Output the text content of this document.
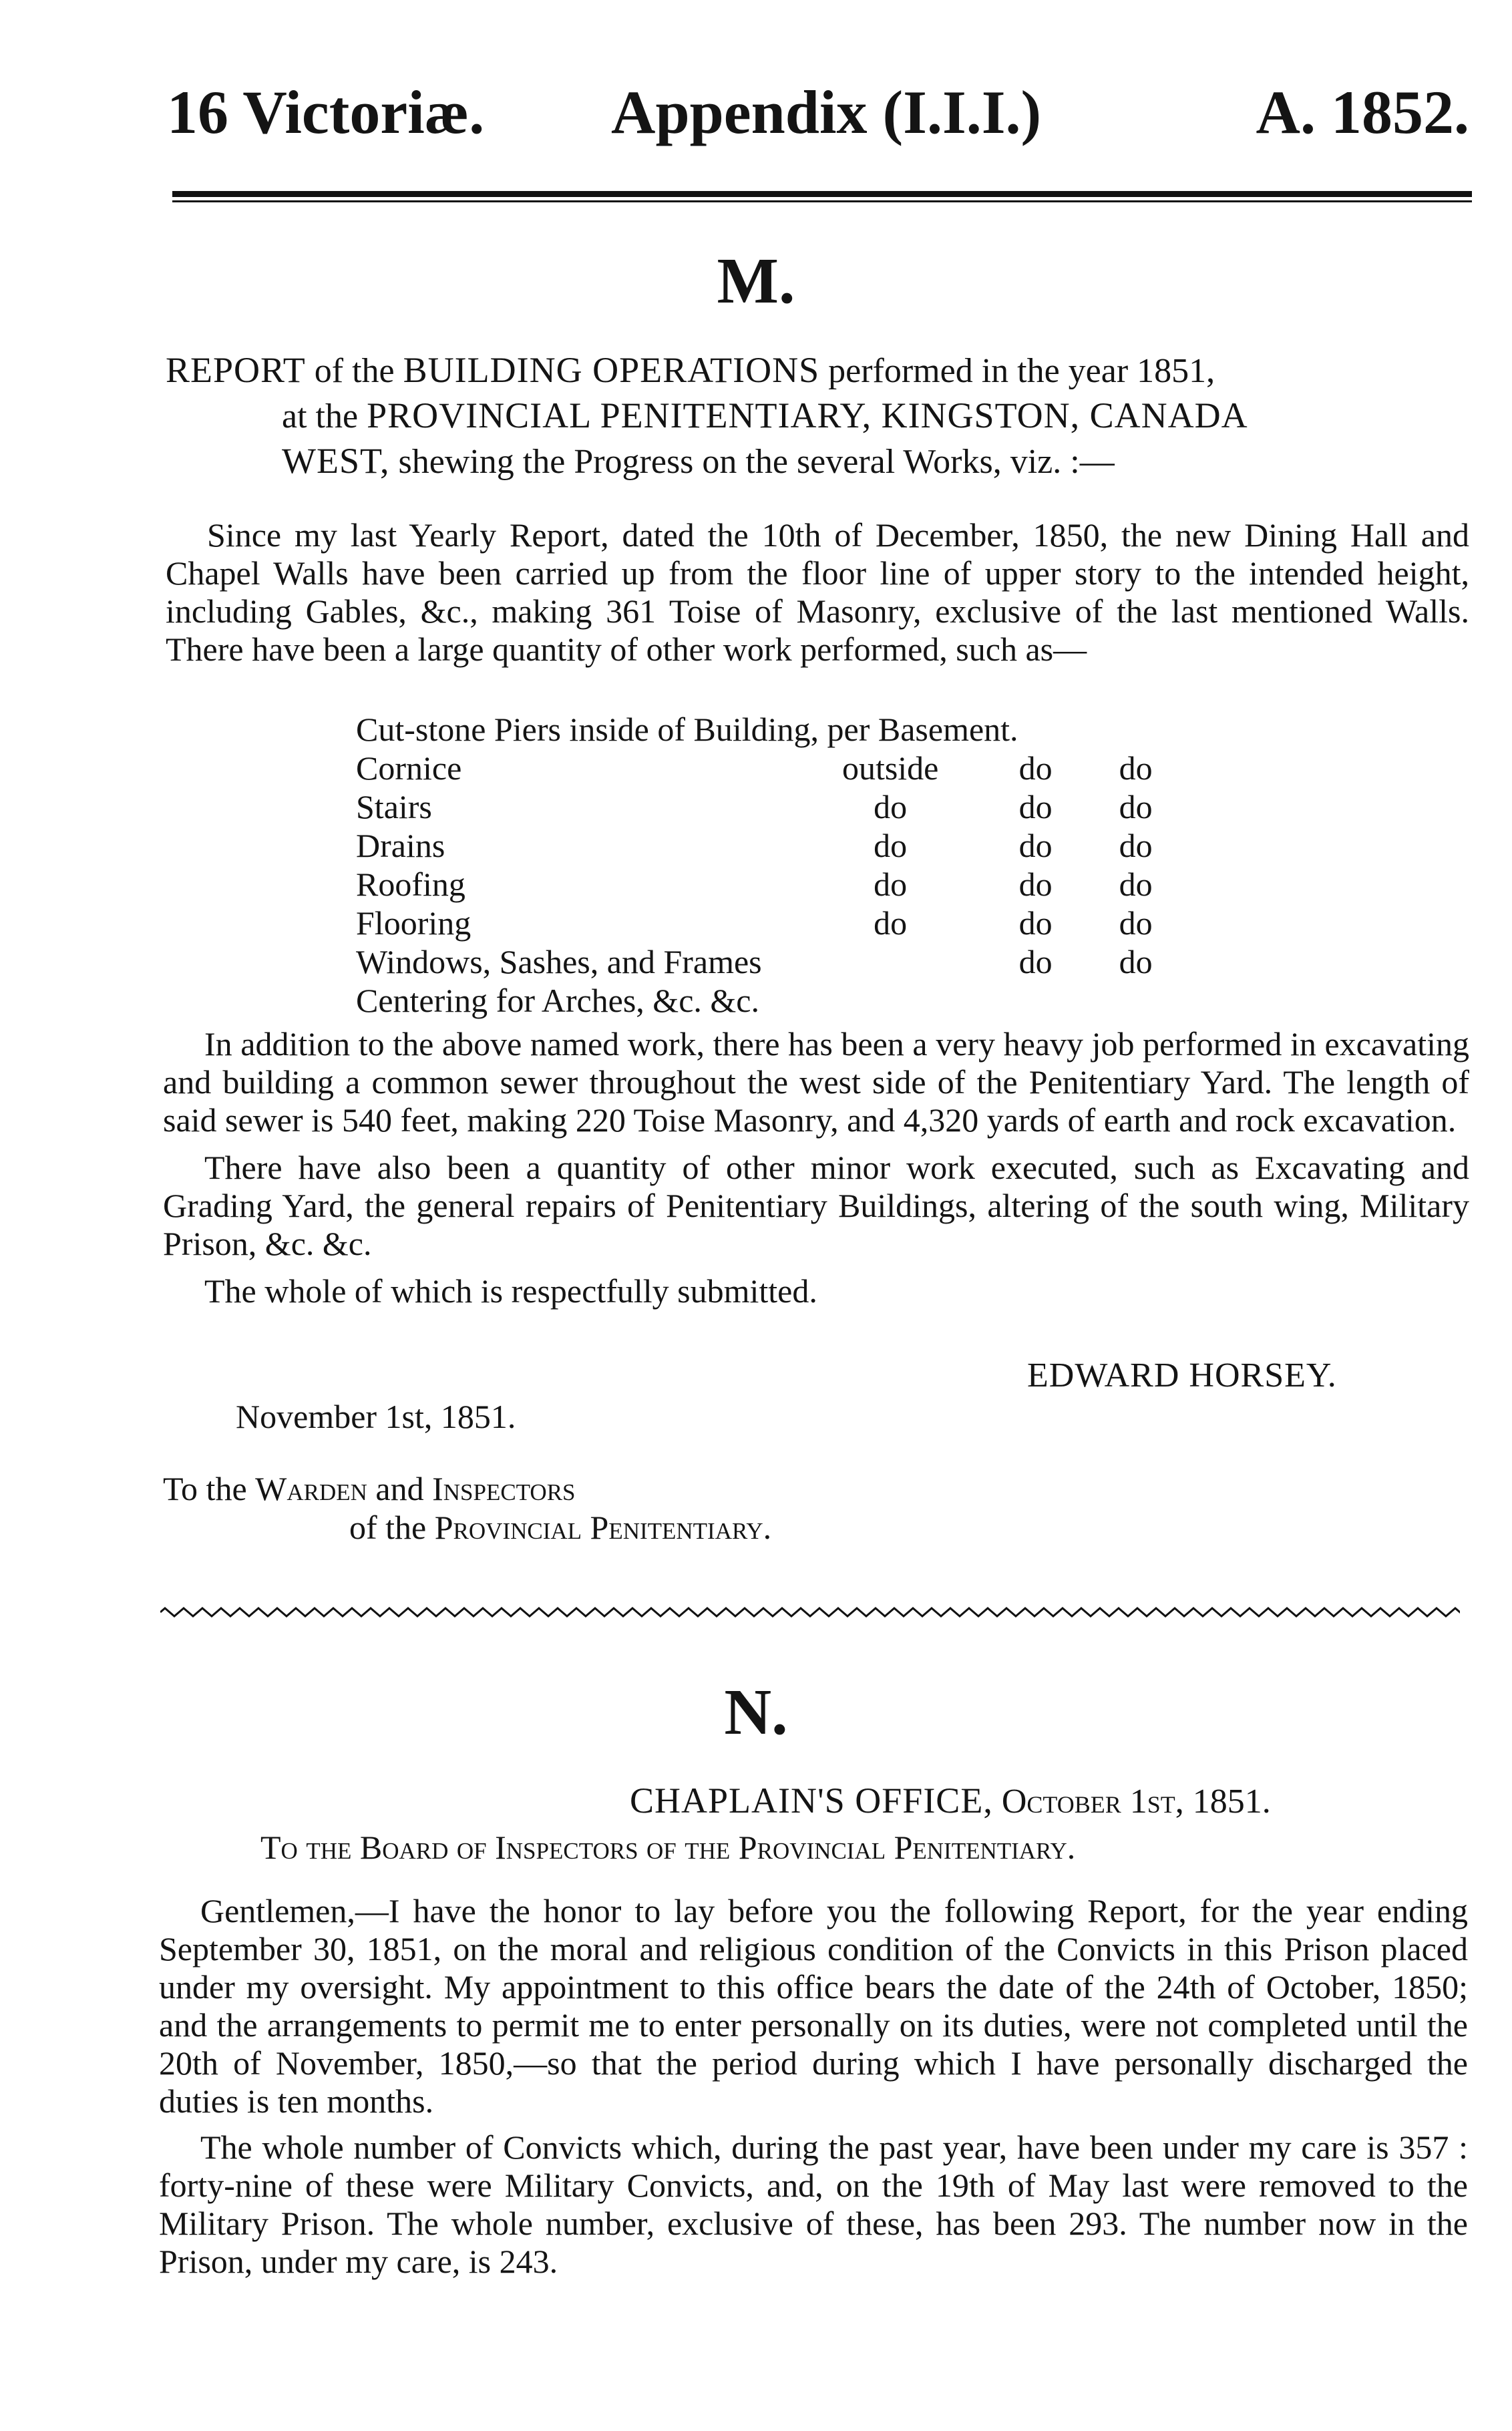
16 Victoriæ. Appendix (I.I.I.)	A. 1852.
M.
REPORT of the BUILDING OPERATIONS performed in the year 1851,
at the PROVINCIAL PENITENTIARY, KINGSTON, CANADA
WEST, shewing the Progress on the several Works, viz. :—

Since my last Yearly Report, dated the 10th of December, 1850, the new Dining Hall and Chapel Walls have been carried up from the floor line of upper story to the intended height, including Gables, &c., making 361 Toise of Masonry, exclusive of the last mentioned Walls. There have been a large quantity of other work performed, such as—

Cut-stone Piers inside of Building, per Basement.			
Cornice	outside	do	do
Stairs	do	do	do
Drains	do	do	do
Roofing	do	do	do
Flooring	do	do	do
Windows, Sashes, and Frames		do	do
Centering for Arches, &c. &c.			

In addition to the above named work, there has been a very heavy job performed in excavating and building a common sewer throughout the west side of the Penitentiary Yard. The length of said sewer is 540 feet, making 220 Toise Masonry, and 4,320 yards of earth and rock excavation.

There have also been a quantity of other minor work executed, such as Excavating and Grading Yard, the general repairs of Penitentiary Buildings, altering of the south wing, Military Prison, &c. &c.

The whole of which is respectfully submitted.

EDWARD HORSEY.
November 1st, 1851.
To the Warden and Inspectors
of the Provincial Penitentiary.
N.
CHAPLAIN'S OFFICE, October 1st, 1851.
To the Board of Inspectors of the Provincial Penitentiary.

Gentlemen,—I have the honor to lay before you the following Report, for the year ending September 30, 1851, on the moral and religious condition of the Convicts in this Prison placed under my oversight. My appointment to this office bears the date of the 24th of October, 1850; and the arrangements to permit me to enter personally on its duties, were not completed until the 20th of November, 1850,—so that the period during which I have personally discharged the duties is ten months.

The whole number of Convicts which, during the past year, have been under my care is 357 : forty-nine of these were Military Convicts, and, on the 19th of May last were removed to the Military Prison. The whole number, exclusive of these, has been 293. The number now in the Prison, under my care, is 243.
